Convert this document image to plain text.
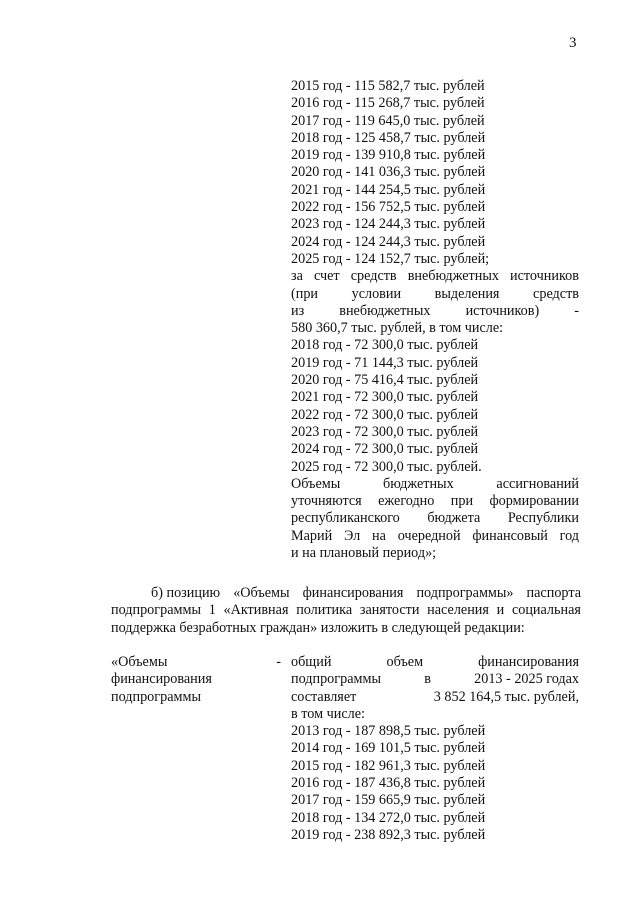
3
2015 год - 115 582,7 тыс. рублей
2016 год - 115 268,7 тыс. рублей
2017 год - 119 645,0 тыс. рублей
2018 год - 125 458,7 тыс. рублей
2019 год - 139 910,8 тыс. рублей
2020 год - 141 036,3 тыс. рублей
2021 год - 144 254,5 тыс. рублей
2022 год - 156 752,5 тыс. рублей
2023 год - 124 244,3 тыс. рублей
2024 год - 124 244,3 тыс. рублей
2025 год - 124 152,7 тыс. рублей;
за счет средств внебюджетных источников
(при условии выделения средств
из внебюджетных источников) -
580 360,7 тыс. рублей, в том числе:
2018 год - 72 300,0 тыс. рублей
2019 год - 71 144,3 тыс. рублей
2020 год - 75 416,4 тыс. рублей
2021 год - 72 300,0 тыс. рублей
2022 год - 72 300,0 тыс. рублей
2023 год - 72 300,0 тыс. рублей
2024 год - 72 300,0 тыс. рублей
2025 год - 72 300,0 тыс. рублей.
Объемы	бюджетных	ассигнований
уточняются ежегодно при формировании
республиканского бюджета Республики
Марий Эл на очередной финансовый год
и на плановый период»;
б) позицию «Объемы финансирования подпрограммы» паспорта
подпрограммы 1 «Активная политика занятости населения и социальная
поддержка безработных граждан» изложить в следующей редакции:
«Объемы	-
финансирования
подпрограммы
общий	объем	финансирования
подпрограммы	в	2013 - 2025 годах
составляет	3 852 164,5 тыс. рублей,
в том числе:
2013 год - 187 898,5 тыс. рублей
2014 год - 169 101,5 тыс. рублей
2015 год - 182 961,3 тыс. рублей
2016 год - 187 436,8 тыс. рублей
2017 год - 159 665,9 тыс. рублей
2018 год - 134 272,0 тыс. рублей
2019 год - 238 892,3 тыс. рублей
